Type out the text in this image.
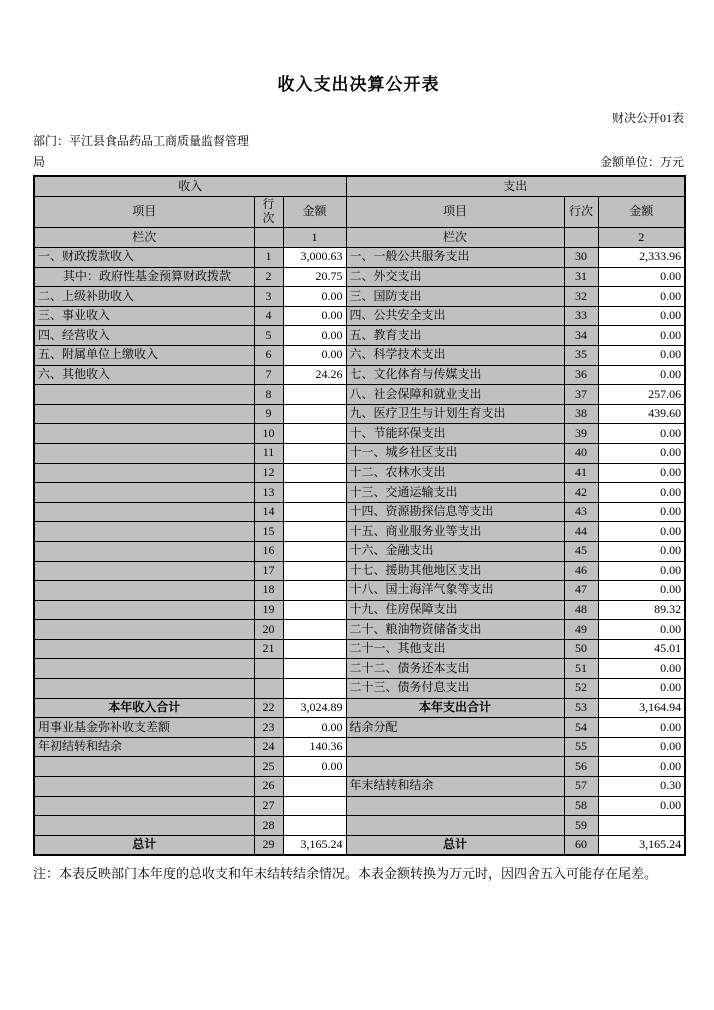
收入支出决算公开表
财决公开01表
部门：平江县食品药品工商质量监督管理
局	金额单位：万元
收入			支出		
项目	行次	金额	项目	行次	金额
栏次		1	栏次		2
一、财政拨款收入	1	3,000.63	一、一般公共服务支出	30	2,333.96
其中：政府性基金预算财政拨款	2	20.75	二、外交支出	31	0.00
二、上级补助收入	3	0.00	三、国防支出	32	0.00
三、事业收入	4	0.00	四、公共安全支出	33	0.00
四、经营收入	5	0.00	五、教育支出	34	0.00
五、附属单位上缴收入	6	0.00	六、科学技术支出	35	0.00
六、其他收入	7	24.26	七、文化体育与传媒支出	36	0.00
	8		八、社会保障和就业支出	37	257.06
	9		九、医疗卫生与计划生育支出	38	439.60
	10		十、节能环保支出	39	0.00
	11		十一、城乡社区支出	40	0.00
	12		十二、农林水支出	41	0.00
	13		十三、交通运输支出	42	0.00
	14		十四、资源勘探信息等支出	43	0.00
	15		十五、商业服务业等支出	44	0.00
	16		十六、金融支出	45	0.00
	17		十七、援助其他地区支出	46	0.00
	18		十八、国土海洋气象等支出	47	0.00
	19		十九、住房保障支出	48	89.32
	20		二十、粮油物资储备支出	49	0.00
	21		二十一、其他支出	50	45.01
			二十二、债务还本支出	51	0.00
			二十三、债务付息支出	52	0.00
本年收入合计	22	3,024.89	本年支出合计	53	3,164.94
用事业基金弥补收支差额	23	0.00	结余分配	54	0.00
年初结转和结余	24	140.36		55	0.00
	25	0.00		56	0.00
	26		年末结转和结余	57	0.30
	27			58	0.00
	28			59	
总计	29	3,165.24	总计	60	3,165.24
注：本表反映部门本年度的总收支和年末结转结余情况。本表金额转换为万元时，因四舍五入可能存在尾差。
